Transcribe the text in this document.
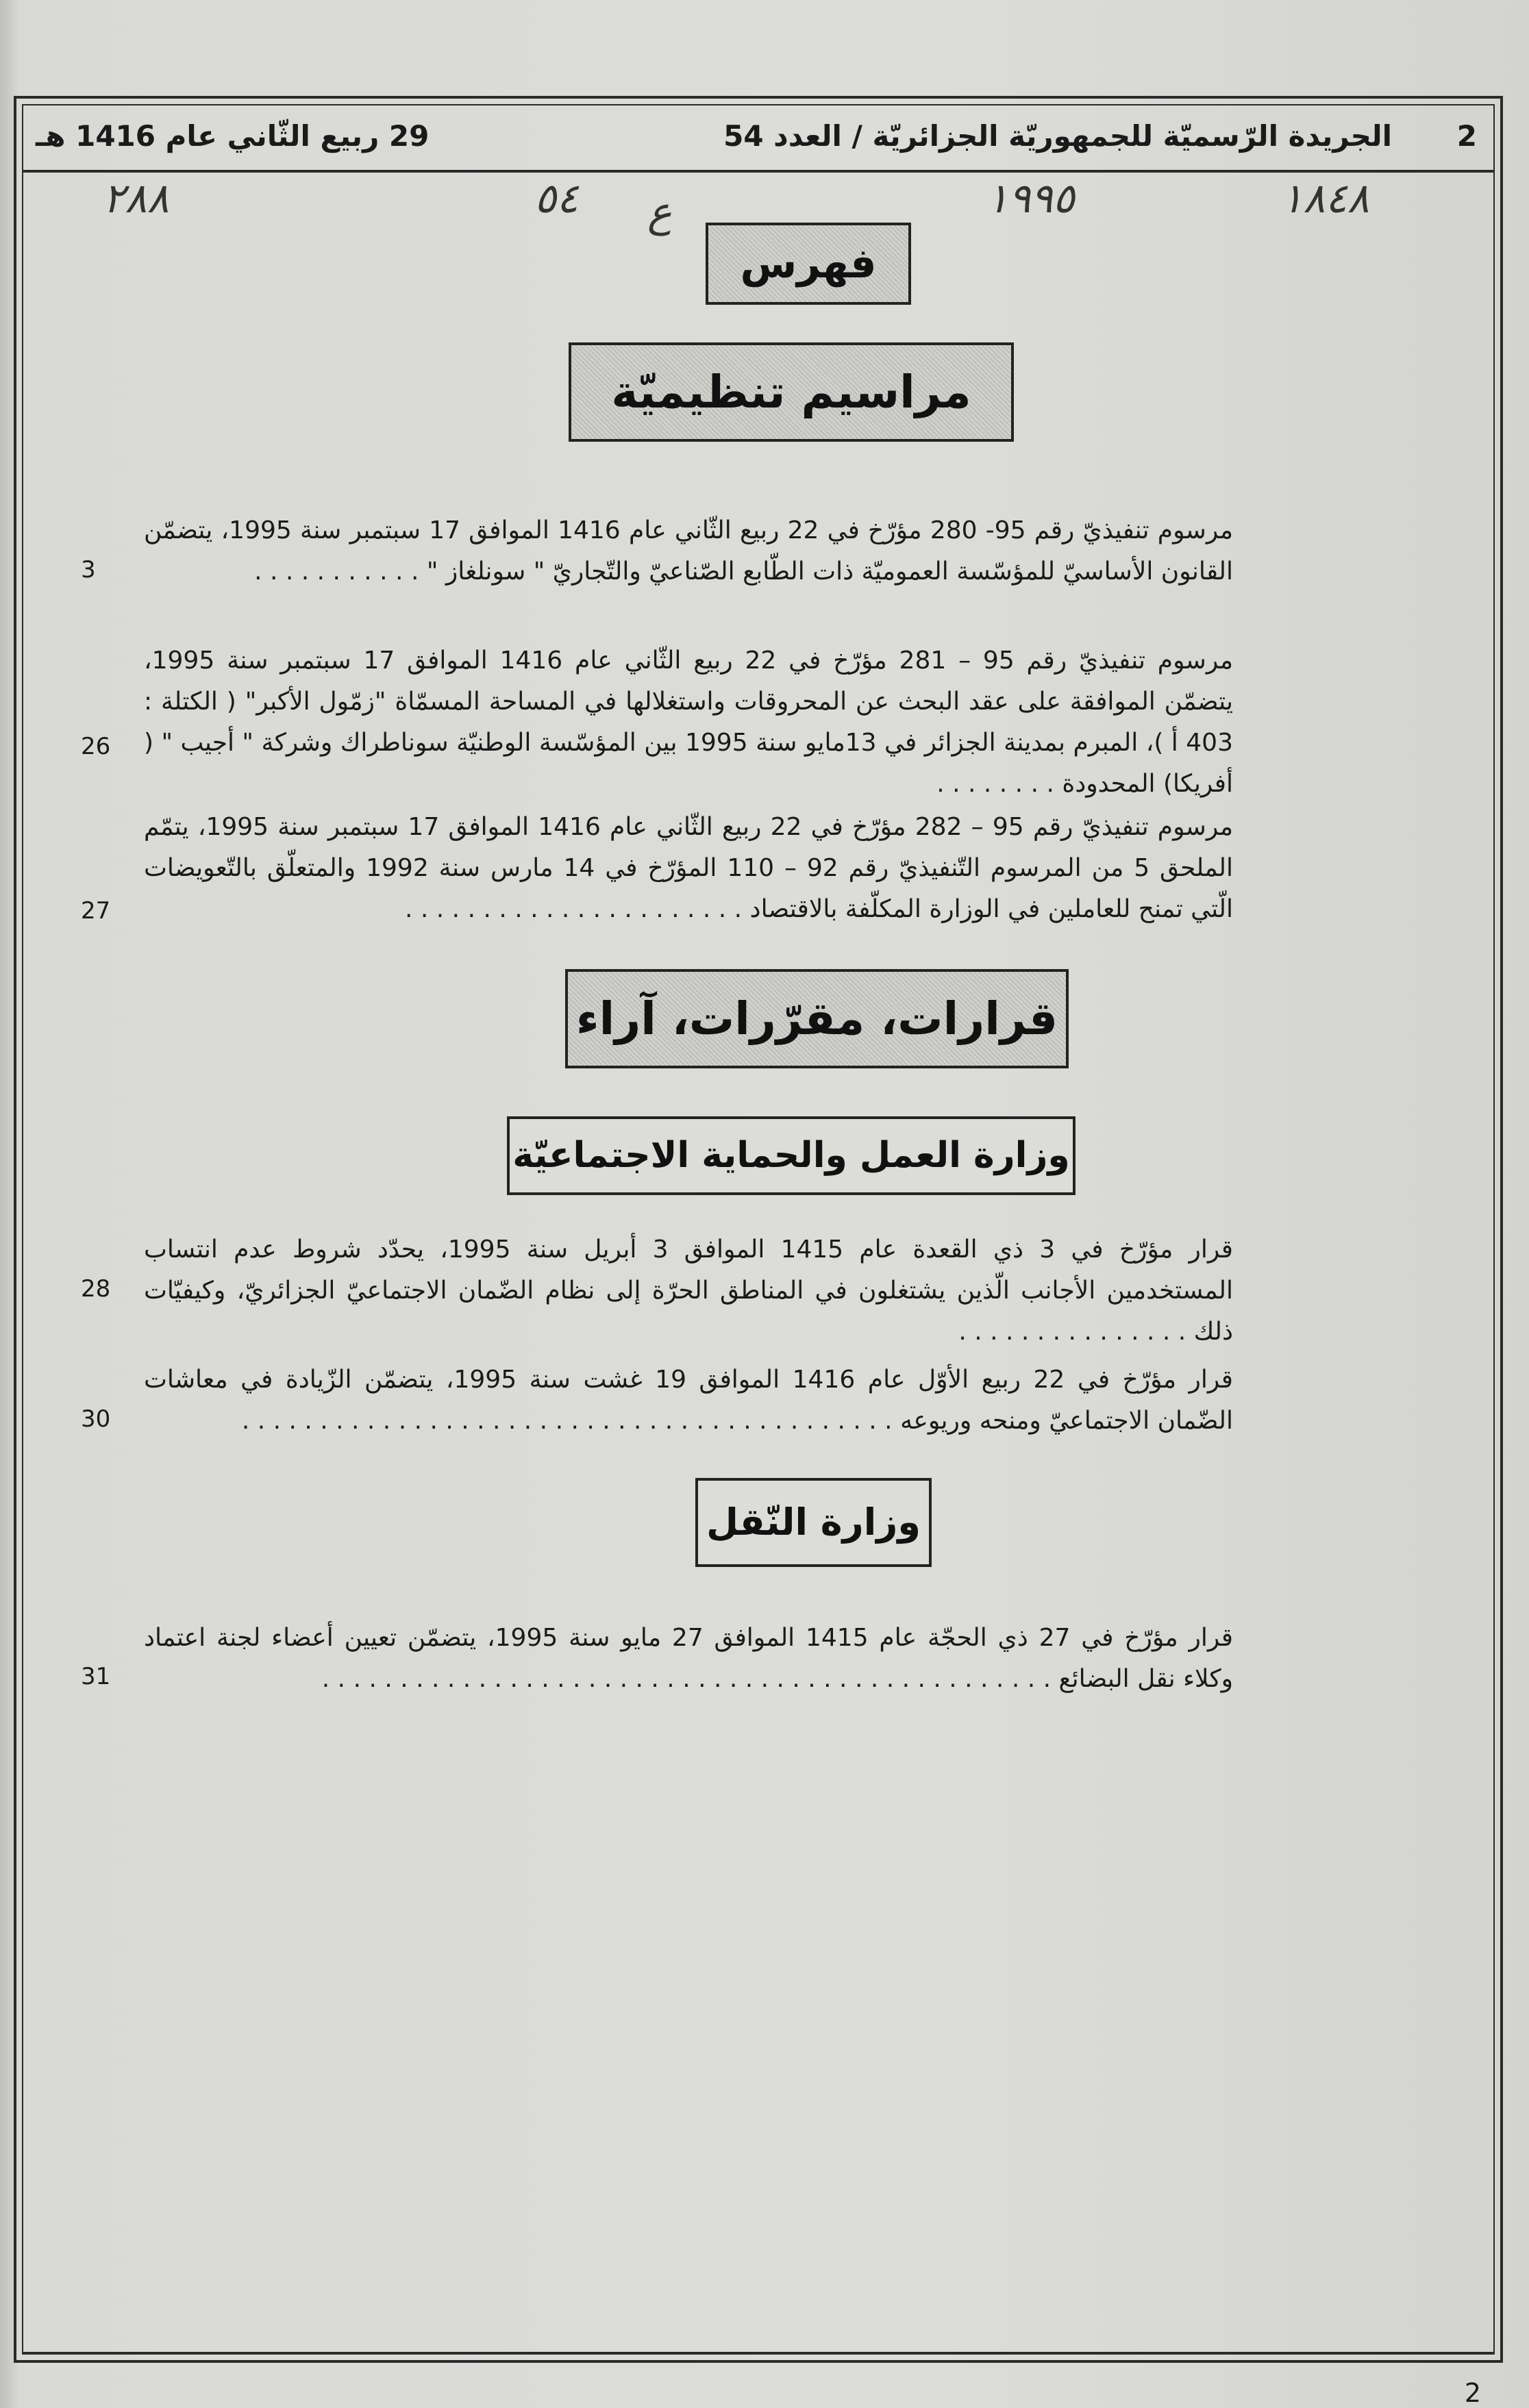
2
الجريدة الرّسميّة للجمهوريّة الجزائريّة / العدد 54
29 ربيع الثّاني عام 1416 هـ
٢٨٨	٥٤ ع	١٩٩٥	١٨٤٨
فهرس
مراسيم تنظيميّة
مرسوم تنفيذيّ رقم 95- 280 مؤرّخ في 22 ربيع الثّاني عام 1416 الموافق 17 سبتمبر سنة 1995، يتضمّن القانون الأساسيّ للمؤسّسة العموميّة ذات الطّابع الصّناعيّ والتّجاريّ " سونلغاز " . . . . . . . . . . .
3
مرسوم تنفيذيّ رقم 95 – 281 مؤرّخ في 22 ربيع الثّاني عام 1416 الموافق 17 سبتمبر سنة 1995، يتضمّن الموافقة على عقد البحث عن المحروقات واستغلالها في المساحة المسمّاة "زمّول الأكبر" ( الكتلة : 403 أ )، المبرم بمدينة الجزائر في 13مايو سنة 1995 بين المؤسّسة الوطنيّة سوناطراك وشركة " أجيب " ( أفريكا) المحدودة . . . . . . . .
26
مرسوم تنفيذيّ رقم 95 – 282 مؤرّخ في 22 ربيع الثّاني عام 1416 الموافق 17 سبتمبر سنة 1995، يتمّم الملحق 5 من المرسوم التّنفيذيّ رقم 92 – 110 المؤرّخ في 14 مارس سنة 1992 والمتعلّق بالتّعويضات الّتي تمنح للعاملين في الوزارة المكلّفة بالاقتصاد . . . . . . . . . . . . . . . . . . . . . .
27
قرارات، مقرّرات، آراء
وزارة العمل والحماية الاجتماعيّة
قرار مؤرّخ في 3 ذي القعدة عام 1415 الموافق 3 أبريل سنة 1995، يحدّد شروط عدم انتساب المستخدمين الأجانب الّذين يشتغلون في المناطق الحرّة إلى نظام الضّمان الاجتماعيّ الجزائريّ، وكيفيّات ذلك . . . . . . . . . . . . . . .
28
قرار مؤرّخ في 22 ربيع الأوّل عام 1416 الموافق 19 غشت سنة 1995، يتضمّن الزّيادة في معاشات الضّمان الاجتماعيّ ومنحه وريوعه . . . . . . . . . . . . . . . . . . . . . . . . . . . . . . . . . . . . . . . . . .
30
وزارة النّقل
قرار مؤرّخ في 27 ذي الحجّة عام 1415 الموافق 27 مايو سنة 1995، يتضمّن تعيين أعضاء لجنة اعتماد وكلاء نقل البضائع . . . . . . . . . . . . . . . . . . . . . . . . . . . . . . . . . . . . . . . . . . . . . . .
31
2
